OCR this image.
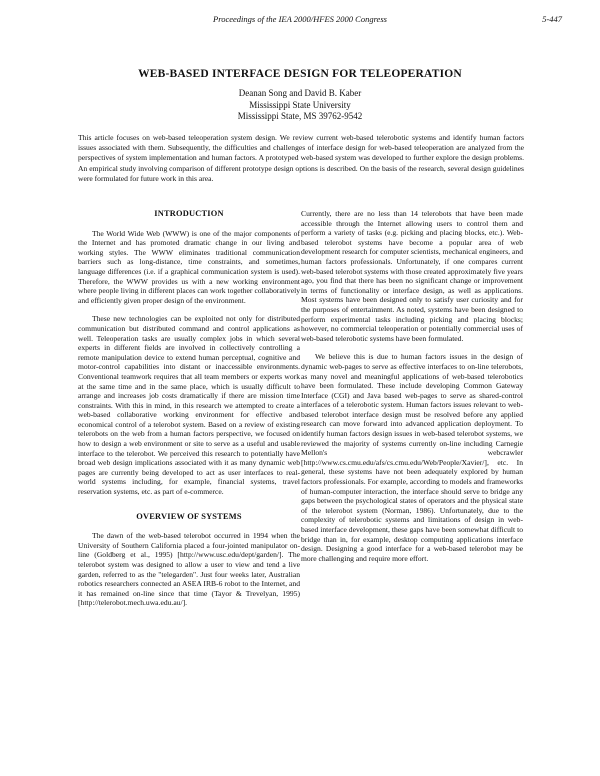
Proceedings of the IEA 2000/HFES 2000 Congress	5-447
WEB-BASED INTERFACE DESIGN FOR TELEOPERATION
Deanan Song and David B. Kaber
Mississippi State University
Mississippi State, MS 39762-9542
This article focuses on web-based teleoperation system design. We review current web-based telerobotic systems and identify human factors issues associated with them. Subsequently, the difficulties and challenges of interface design for web-based teleoperation are analyzed from the perspectives of system implementation and human factors. A prototyped web-based system was developed to further explore the design problems. An empirical study involving comparison of different prototype design options is described. On the basis of the research, several design guidelines were formulated for future work in this area.
INTRODUCTION

The World Wide Web (WWW) is one of the major components of the Internet and has promoted dramatic change in our living and working styles. The WWW eliminates traditional communication barriers such as long-distance, time constraints, and sometimes, language differences (i.e. if a graphical communication system is used). Therefore, the WWW provides us with a new working environment where people living in different places can work together collaboratively and efficiently given proper design of the environment.

These new technologies can be exploited not only for distributed communication but distributed command and control applications as well. Teleoperation tasks are usually complex jobs in which several experts in different fields are involved in collectively controlling a remote manipulation device to extend human perceptual, cognitive and motor-control capabilities into distant or inaccessible environments. Conventional teamwork requires that all team members or experts work at the same time and in the same place, which is usually difficult to arrange and increases job costs dramatically if there are mission time constraints. With this in mind, in this research we attempted to create a web-based collaborative working environment for effective and economical control of a telerobot system. Based on a review of existing telerobots on the web from a human factors perspective, we focused on how to design a web environment or site to serve as a useful and usable interface to the telerobot. We perceived this research to potentially have broad web design implications associated with it as many dynamic web pages are currently being developed to act as user interfaces to real-world systems including, for example, financial systems, travel reservation systems, etc. as part of e-commerce.

OVERVIEW OF SYSTEMS

The dawn of the web-based telerobot occurred in 1994 when the University of Southern California placed a four-jointed manipulator on-line (Goldberg et al., 1995) [http://www.usc.edu/dept/garden/]. The telerobot system was designed to allow a user to view and tend a live garden, referred to as the "telegarden". Just four weeks later, Australian robotics researchers connected an ASEA IRB-6 robot to the Internet, and it has remained on-line since that time (Tayor & Trevelyan, 1995) [http://telerobot.mech.uwa.edu.au/].

Currently, there are no less than 14 telerobots that have been made accessible through the Internet allowing users to control them and perform a variety of tasks (e.g. picking and placing blocks, etc.). Web-based telerobot systems have become a popular area of web development research for computer scientists, mechanical engineers, and human factors professionals. Unfortunately, if one compares current web-based telerobot systems with those created approximately five years ago, you find that there has been no significant change or improvement in terms of functionality or interface design, as well as applications. Most systems have been designed only to satisfy user curiosity and for the purposes of entertainment. As noted, systems have been designed to perform experimental tasks including picking and placing blocks; however, no commercial teleoperation or potentially commercial uses of web-based telerobotic systems have been formulated.

We believe this is due to human factors issues in the design of dynamic web-pages to serve as effective interfaces to on-line telerobots, as many novel and meaningful applications of web-based telerobotics have been formulated. These include developing Common Gateway Interface (CGI) and Java based web-pages to serve as shared-control interfaces of a telerobotic system. Human factors issues relevant to web-based telerobot interface design must be resolved before any applied research can move forward into advanced application deployment. To identify human factors design issues in web-based telerobot systems, we reviewed the majority of systems currently on-line including Carnegie Mellon's webcrawler [http://www.cs.cmu.edu/afs/cs.cmu.edu/Web/People/Xavier/], etc. In general, these systems have not been adequately explored by human factors professionals. For example, according to models and frameworks of human-computer interaction, the interface should serve to bridge any gaps between the psychological states of operators and the physical state of the telerobot system (Norman, 1986). Unfortunately, due to the complexity of telerobotic systems and limitations of design in web-based interface development, these gaps have been somewhat difficult to bridge than in, for example, desktop computing applications interface design. Designing a good interface for a web-based telerobot may be more challenging and require more effort.
